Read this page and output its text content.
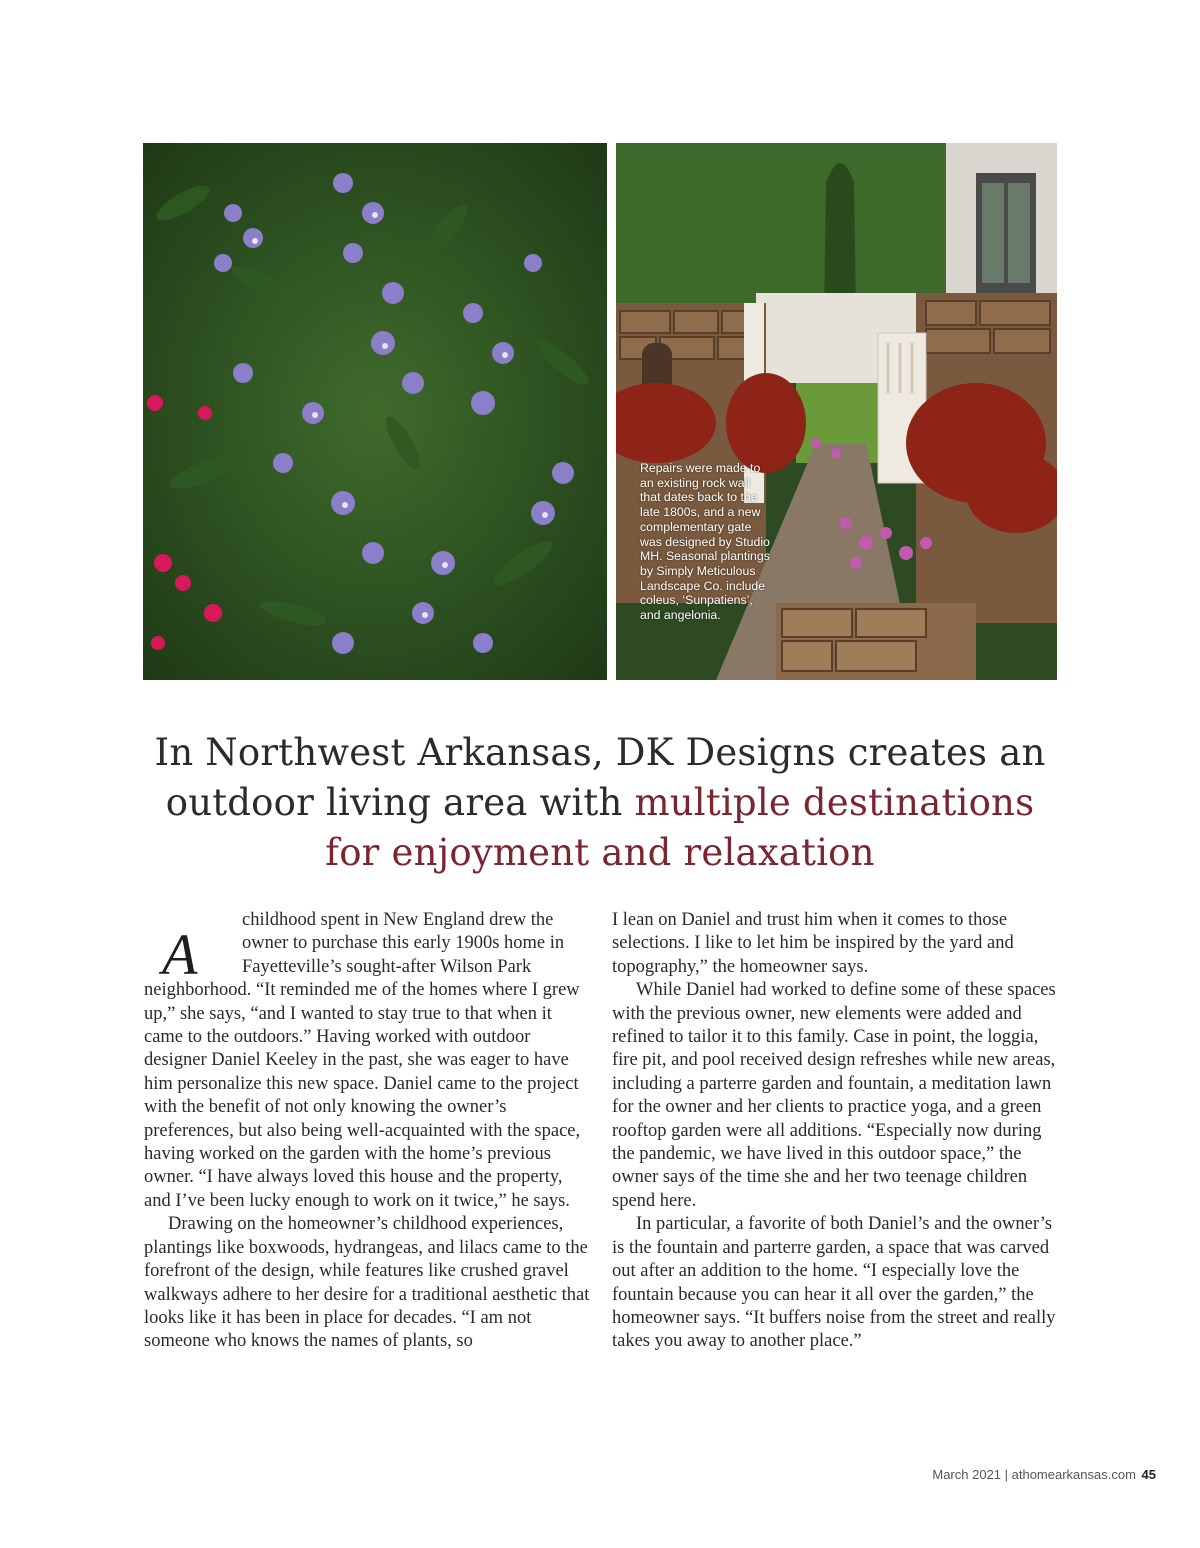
Repairs were made to
an existing rock wall
that dates back to the
late 1800s, and a new
complementary gate
was designed by Studio
MH. Seasonal plantings
by Simply Meticulous
Landscape Co. include
coleus, ‘Sunpatiens’,
and angelonia.
In Northwest Arkansas, DK Designs creates an
outdoor living area with multiple destinations
for enjoyment and relaxation

A
childhood spent in New England drew the owner to purchase this early 1900s home in Fayetteville’s sought-after Wilson Park neighborhood. “It reminded me of the homes where I grew up,” she says, “and I wanted to stay true to that when it came to the outdoors.” Having worked with outdoor designer Daniel Keeley in the past, she was eager to have him personalize this new space. Daniel came to the project with the benefit of not only knowing the owner’s preferences, but also being well-acquainted with the space, having worked on the garden with the home’s previous owner. “I have always loved this house and the property, and I’ve been lucky enough to work on it twice,” he says.

Drawing on the homeowner’s childhood experiences, plantings like boxwoods, hydrangeas, and lilacs came to the forefront of the design, while features like crushed gravel walkways adhere to her desire for a traditional aesthetic that looks like it has been in place for decades. “I am not someone who knows the names of plants, so

I lean on Daniel and trust him when it comes to those selections. I like to let him be inspired by the yard and topography,” the homeowner says.

While Daniel had worked to define some of these spaces with the previous owner, new elements were added and refined to tailor it to this family. Case in point, the loggia, fire pit, and pool received design refreshes while new areas, including a parterre garden and fountain, a meditation lawn for the owner and her clients to practice yoga, and a green rooftop garden were all additions. “Especially now during the pandemic, we have lived in this outdoor space,” the owner says of the time she and her two teenage children spend here.

In particular, a favorite of both Daniel’s and the owner’s is the fountain and parterre garden, a space that was carved out after an addition to the home. “I especially love the fountain because you can hear it all over the garden,” the homeowner says. “It buffers noise from the street and really takes you away to another place.”

March 2021 | athomearkansas.com 45
